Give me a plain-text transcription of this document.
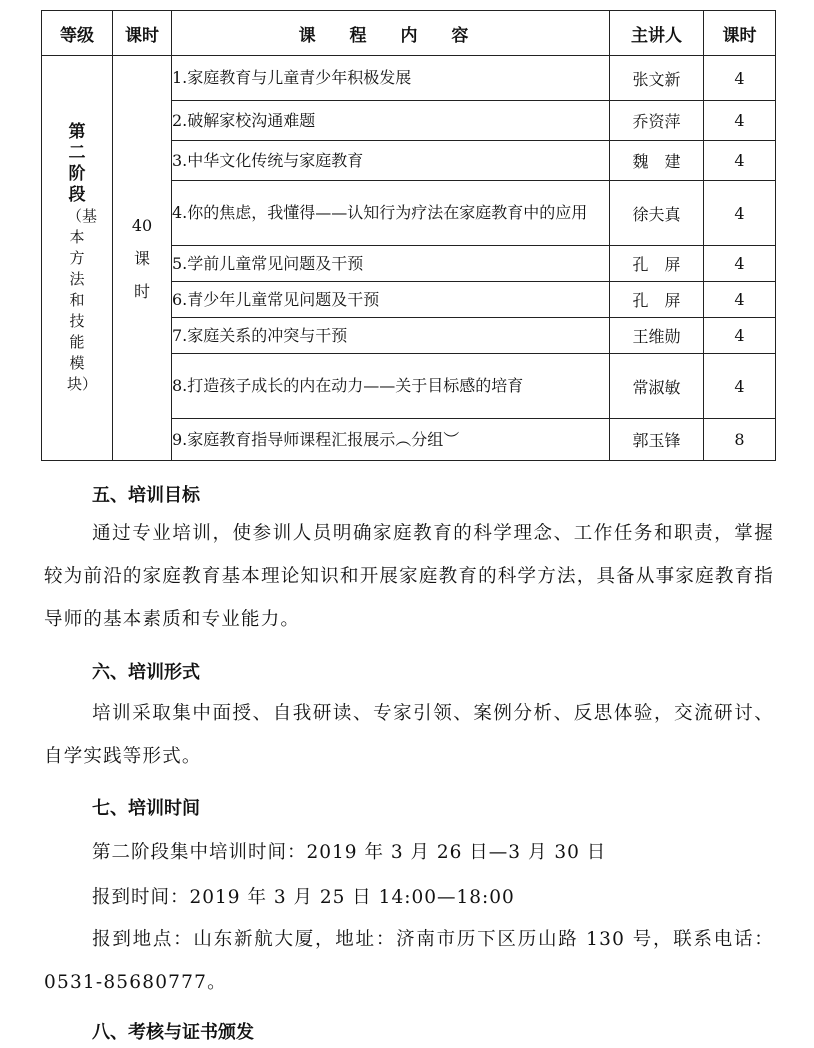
等级	课时	课 程 内 容	主讲人	课时

第二阶段
（基本方法和技能模块）	40课时	1.家庭教育与儿童青少年积极发展	张文新	4
		2.破解家校沟通难题	乔资萍	4
		3.中华文化传统与家庭教育	魏　建	4
		4.你的焦虑，我懂得——认知行为疗法在家庭教育中的应用	徐夫真	4
		5.学前儿童常见问题及干预	孔　屏	4
		6.青少年儿童常见问题及干预	孔　屏	4
		7.家庭关系的冲突与干预	王维勋	4
		8.打造孩子成长的内在动力——关于目标感的培育	常淑敏	4
		9.家庭教育指导师课程汇报展示︵分组︶	郭玉锋	8
五、培训目标
通过专业培训，使参训人员明确家庭教育的科学理念、工作任务和职责，掌握较为前沿的家庭教育基本理论知识和开展家庭教育的科学方法，具备从事家庭教育指导师的基本素质和专业能力。
六、培训形式
培训采取集中面授、自我研读、专家引领、案例分析、反思体验，交流研讨、自学实践等形式。
七、培训时间
第二阶段集中培训时间：2019 年 3 月 26 日—3 月 30 日
报到时间：2019 年 3 月 25 日 14:00—18:00
报到地点：山东新航大厦，地址：济南市历下区历山路 130 号，联系电话：0531-85680777。
八、考核与证书颁发
